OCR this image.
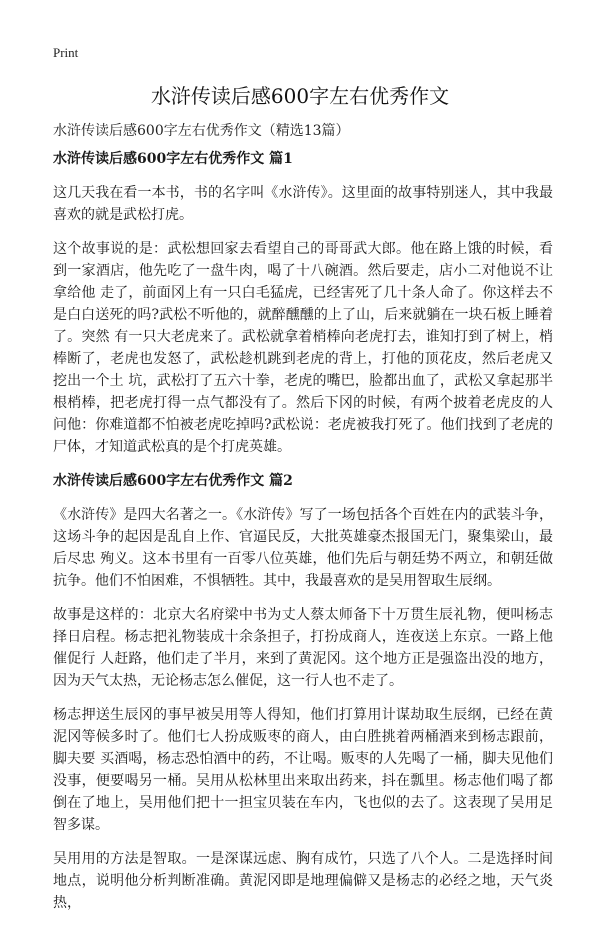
Print
水浒传读后感600字左右优秀作文
水浒传读后感600字左右优秀作文（精选13篇）
水浒传读后感600字左右优秀作文 篇1

这几天我在看一本书，书的名字叫《水浒传》。这里面的故事特别迷人，其中我最喜欢的就是武松打虎。

这个故事说的是：武松想回家去看望自己的哥哥武大郎。他在路上饿的时候，看到一家酒店，他先吃了一盘牛肉，喝了十八碗酒。然后要走，店小二对他说不让拿给他 走了，前面冈上有一只白毛猛虎，已经害死了几十条人命了。你这样去不是白白送死的吗?武松不听他的，就醉醺醺的上了山，后来就躺在一块石板上睡着了。突然 有一只大老虎来了。武松就拿着梢棒向老虎打去，谁知打到了树上，梢棒断了，老虎也发怒了，武松趁机跳到老虎的背上，打他的顶花皮，然后老虎又挖出一个土 坑，武松打了五六十拳，老虎的嘴巴，脸都出血了，武松又拿起那半根梢棒，把老虎打得一点气都没有了。然后下冈的时候，有两个披着老虎皮的人问他：你难道都不怕被老虎吃掉吗?武松说：老虎被我打死了。他们找到了老虎的尸体，才知道武松真的是个打虎英雄。

水浒传读后感600字左右优秀作文 篇2

《水浒传》是四大名著之一。《水浒传》写了一场包括各个百姓在内的武装斗争，这场斗争的起因是乱自上作、官逼民反，大批英雄豪杰报国无门，聚集梁山，最后尽忠 殉义。这本书里有一百零八位英雄，他们先后与朝廷势不两立，和朝廷做抗争。他们不怕困难，不惧牺牲。其中，我最喜欢的是吴用智取生辰纲。

故事是这样的：北京大名府梁中书为丈人蔡太师备下十万贯生辰礼物，便叫杨志择日启程。杨志把礼物装成十余条担子，打扮成商人，连夜送上东京。一路上他催促行 人赶路，他们走了半月，来到了黄泥冈。这个地方正是强盗出没的地方，因为天气太热，无论杨志怎么催促，这一行人也不走了。

杨志押送生辰冈的事早被吴用等人得知，他们打算用计谋劫取生辰纲，已经在黄泥冈等候多时了。他们七人扮成贩枣的商人，由白胜挑着两桶酒来到杨志跟前，脚夫要 买酒喝，杨志恐怕酒中的药，不让喝。贩枣的人先喝了一桶，脚夫见他们没事，便要喝另一桶。吴用从松林里出来取出药来，抖在瓢里。杨志他们喝了都倒在了地上，吴用他们把十一担宝贝装在车内，飞也似的去了。这表现了吴用足智多谋。

吴用用的方法是智取。一是深谋远虑、胸有成竹，只选了八个人。二是选择时间地点，说明他分析判断准确。黄泥冈即是地理偏僻又是杨志的必经之地，天气炎热，
